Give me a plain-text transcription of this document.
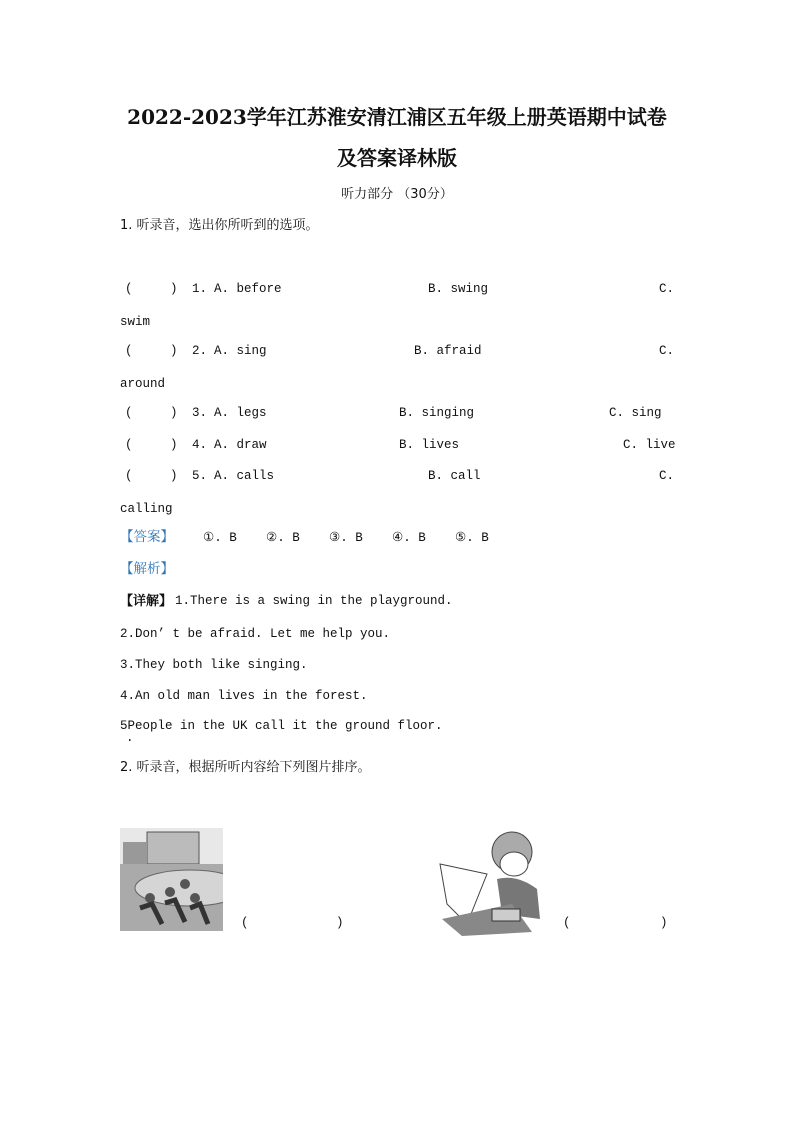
2022-2023学年江苏淮安清江浦区五年级上册英语期中试卷
及答案译林版
听力部分 （30分）
1. 听录音，选出你所听到的选项。
(	) 1. A. before	B. swing	C.
swim
(	) 2. A. sing	B. afraid	C.
around
(	) 3. A. legs	B. singing	C. sing
(	) 4. A. draw	B. lives	C. live
(	) 5. A. calls	B. call	C.
calling
【答案】 ①. B ②. B ③. B ④. B ⑤. B
【解析】
【详解】 1.There is a swing in the playground.
2.Don’ t be afraid. Let me help you.
3.They both like singing.
4.An old man lives in the forest.
5People in the UK call it the ground floor.
.
2. 听录音，根据所听内容给下列图片排序。
(	)	(	)
